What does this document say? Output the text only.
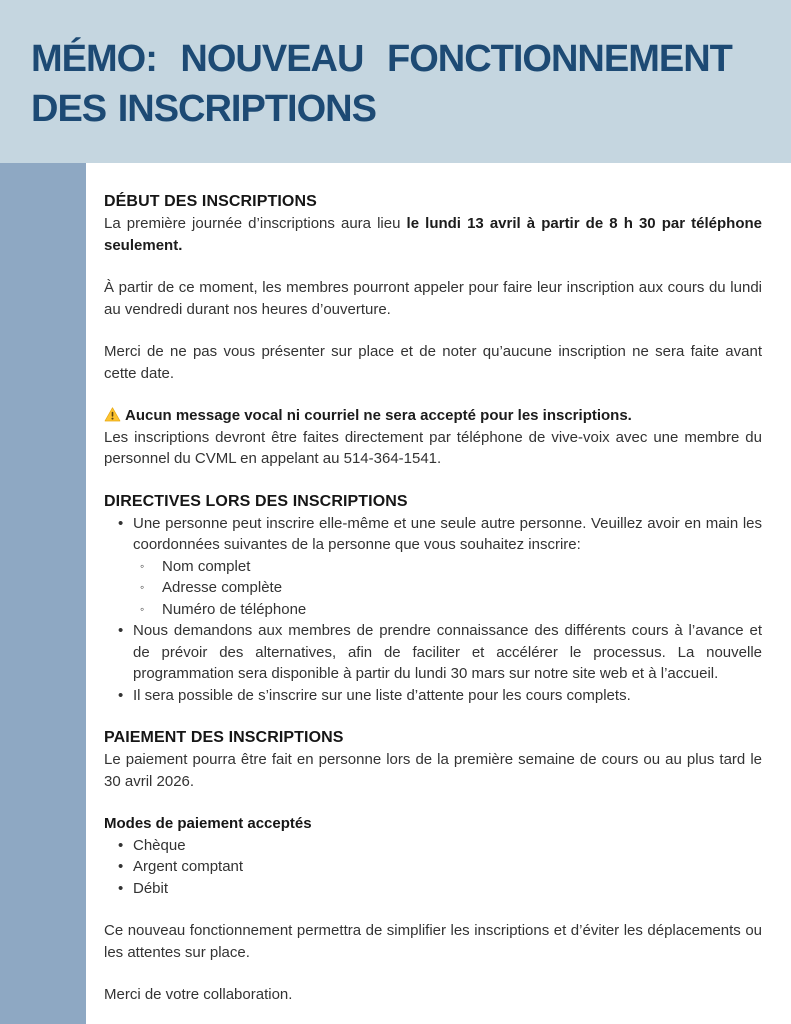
MÉMO: NOUVEAU FONCTIONNEMENT
DES INSCRIPTIONS
DÉBUT DES INSCRIPTIONS

La première journée d’inscriptions aura lieu le lundi 13 avril à partir de 8 h 30 par téléphone seulement.

À partir de ce moment, les membres pourront appeler pour faire leur inscription aux cours du lundi au vendredi durant nos heures d’ouverture.

Merci de ne pas vous présenter sur place et de noter qu’aucune inscription ne sera faite avant cette date.

Aucun message vocal ni courriel ne sera accepté pour les inscriptions.

Les inscriptions devront être faites directement par téléphone de vive-voix avec une membre du personnel du CVML en appelant au 514-364-1541.

DIRECTIVES LORS DES INSCRIPTIONS
• Une personne peut inscrire elle-même et une seule autre personne. Veuillez avoir en main les coordonnées suivantes de la personne que vous souhaitez inscrire:
◦	Nom complet
◦	Adresse complète
◦	Numéro de téléphone
• Nous demandons aux membres de prendre connaissance des différents cours à l’avance et de prévoir des alternatives, afin de faciliter et accélérer le processus. La nouvelle programmation sera disponible à partir du lundi 30 mars sur notre site web et à l’accueil.
• Il sera possible de s’inscrire sur une liste d’attente pour les cours complets.
PAIEMENT DES INSCRIPTIONS

Le paiement pourra être fait en personne lors de la première semaine de cours ou au plus tard le 30 avril 2026.

Modes de paiement acceptés

• Chèque
• Argent comptant
• Débit

Ce nouveau fonctionnement permettra de simplifier les inscriptions et d’éviter les déplacements ou les attentes sur place.

Merci de votre collaboration.
